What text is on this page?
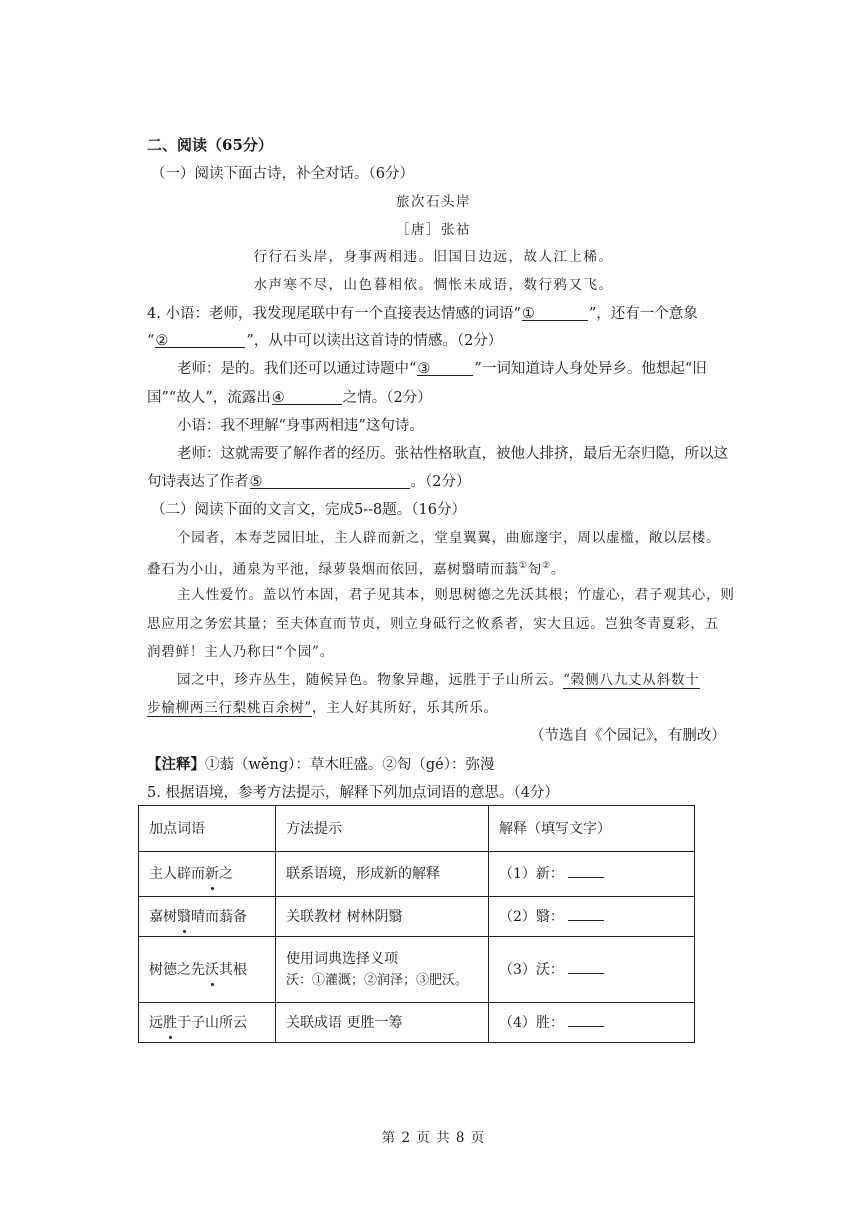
二、阅读（65分）
（一）阅读下面古诗，补全对话。（6分）
旅次石头岸
［唐］张祜
行行石头岸，身事两相违。旧国日边远，故人江上稀。
水声寒不尽，山色暮相依。惆怅未成语，数行鸦又飞。
4. 小语：老师，我发现尾联中有一个直接表达情感的词语“①	”，还有一个意象
“②	”，从中可以读出这首诗的情感。（2分）
老师：是的。我们还可以通过诗题中“③	”一词知道诗人身处异乡。他想起“旧
国”“故人”，流露出④	之情。（2分）
小语：我不理解“身事两相违”这句诗。
老师：这就需要了解作者的经历。张祜性格耿直，被他人排挤，最后无奈归隐，所以这
句诗表达了作者⑤	。（2分）
（二）阅读下面的文言文，完成5--8题。（16分）
个园者，本寿芝园旧址，主人辟而新之，堂皇翼翼，曲廊邃宇，周以虚槛，敞以层楼。
叠石为小山，通泉为平池，绿萝袅烟而依回，嘉树翳晴而蓊①匌②。
主人性爱竹。盖以竹本固，君子见其本，则思树德之先沃其根；竹虚心，君子观其心，则
思应用之务宏其量；至夫体直而节贞，则立身砥行之攸系者，实大且远。岂独冬青夏彩，五
润碧鲜！主人乃称曰“个园”。
园之中，珍卉丛生，随候异色。物象异趣，远胜于子山所云。“榖侧八九丈从斜数十
步榆柳两三行梨桃百余树”，主人好其所好，乐其所乐。
（节选自《个园记》，有删改）
【注释】①蓊（wěng）：草木旺盛。②匌（gé）：弥漫
5. 根据语境，参考方法提示，解释下列加点词语的意思。（4分）
加点词语	方法提示	解释（填写文字）
主人辟而新之	联系语境，形成新的解释	（1）新：
嘉树翳晴而蓊备	关联教材 树林阴翳	（2）翳：
树德之先沃其根	使用词典选择义项
沃：①灌溉；②润泽；③肥沃。	（3）沃：
远胜于子山所云	关联成语 更胜一筹	（4）胜：
第 2 页 共 8 页
